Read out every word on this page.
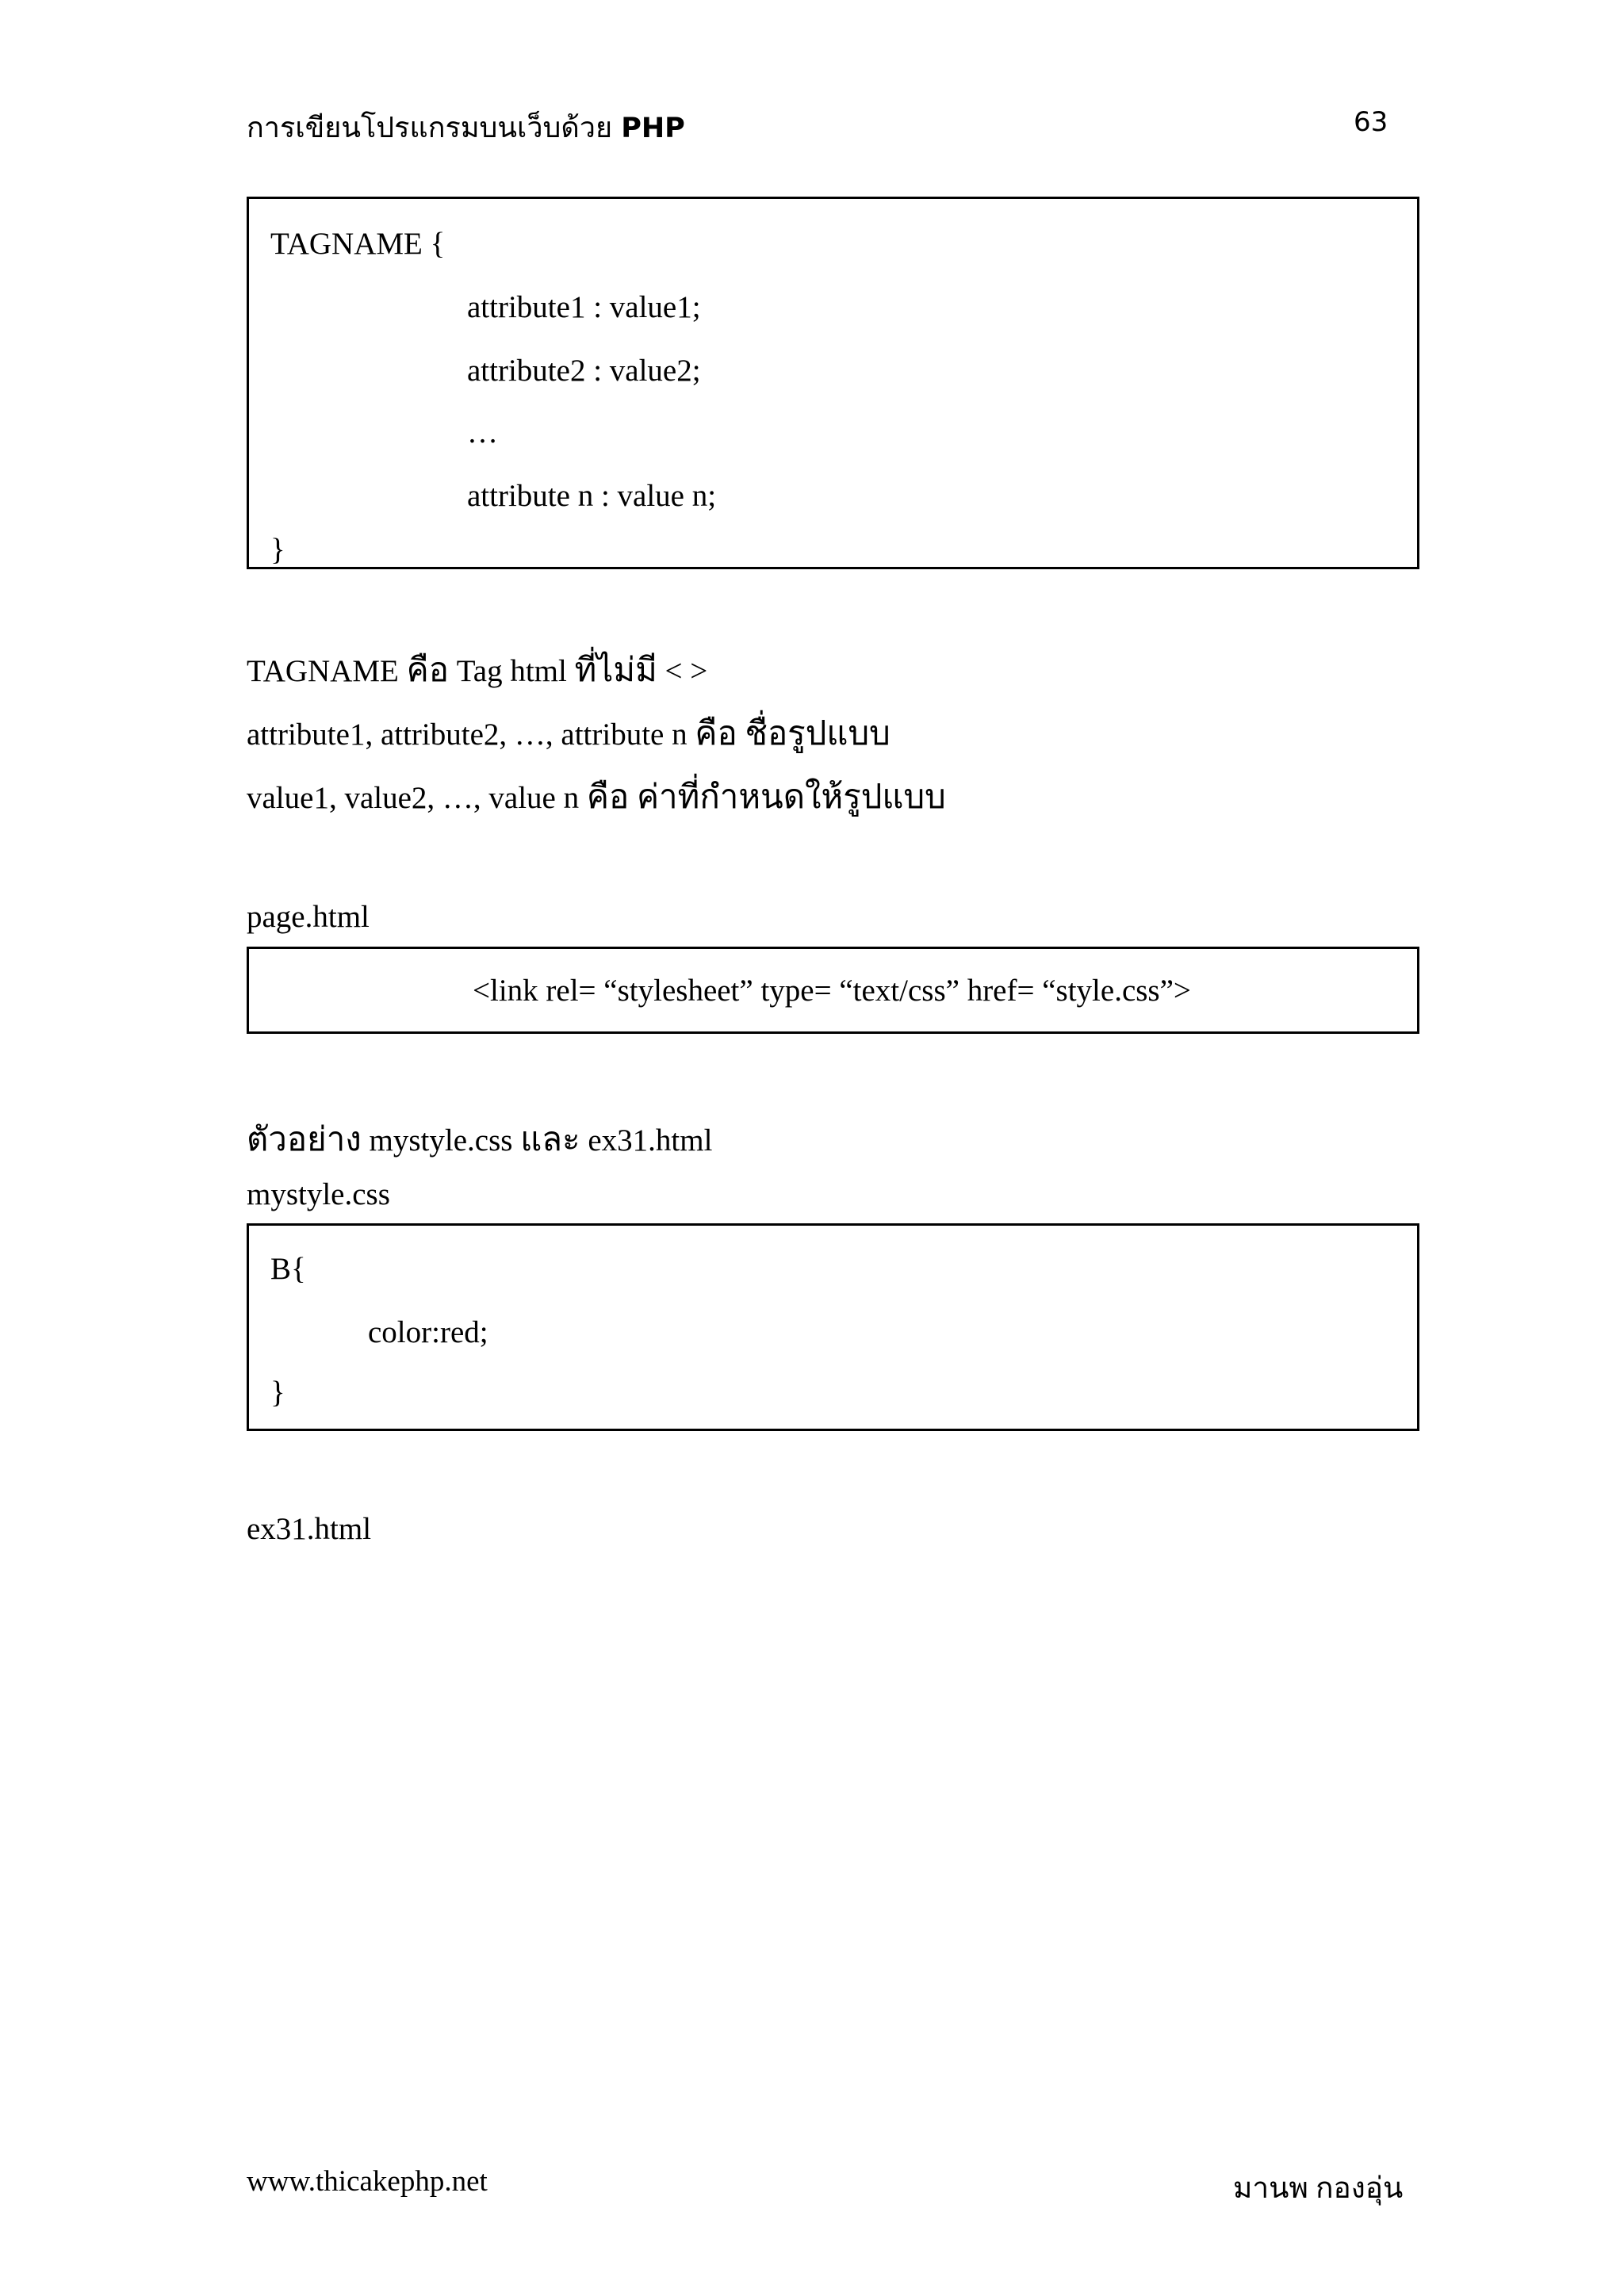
การเขียนโปรแกรมบนเว็บด้วย PHP	63
TAGNAME {
attribute1 : value1;
attribute2 : value2;
…
attribute n : value n;
}
TAGNAME คือ Tag html ที่ไม่มี < >
attribute1, attribute2, …, attribute n คือ ชื่อรูปแบบ
value1, value2, …, value n คือ ค่าที่กำหนดให้รูปแบบ
page.html
<link rel= “stylesheet” type= “text/css” href= “style.css”>
ตัวอย่าง mystyle.css และ ex31.html
mystyle.css
B{
color:red;
}
ex31.html
www.thicakephp.net	มานพ กองอุ่น
